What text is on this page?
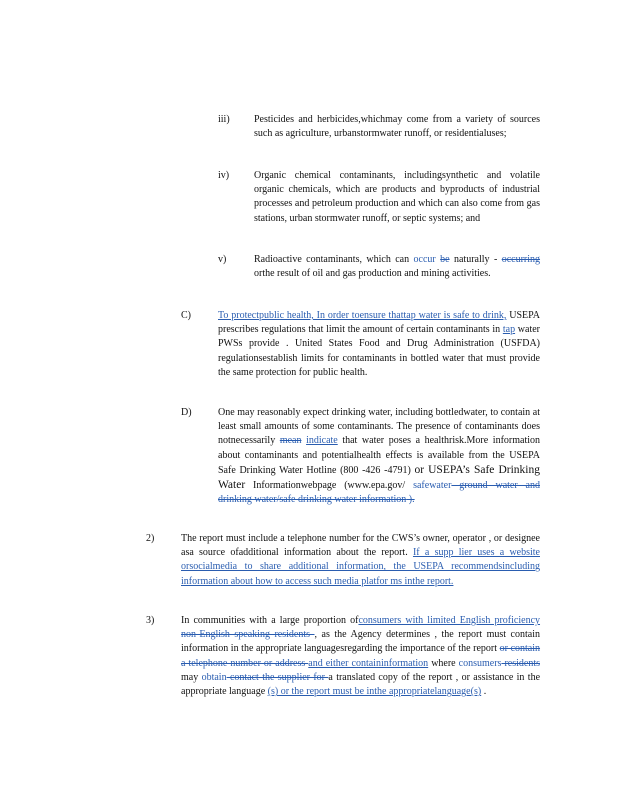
iii) Pesticides and herbicides,whichmay come from a variety of sources such as agriculture, urbanstormwater runoff, or residentialuses;
iv) Organic chemical contaminants, includingsynthetic and volatile organic chemicals, which are products and byproducts of industrial processes and petroleum production and which can also come from gas stations, urban stormwater runoff, or septic systems; and
v)	Radioactive contaminants, which can occur be naturally - occurring orthe result of oil and gas production and mining activities.
C)	To protectpublic health, In order toensure thattap water is safe to drink, USEPA prescribes regulations that limit the amount of certain contaminants in tap water PWSs provide . United States Food and Drug Administration (USFDA) regulationsestablish limits for contaminants in bottled water that must provide the same protection for public health.
D)	One may reasonably expect drinking water, including bottledwater, to contain at least small amounts of some contaminants. The presence of contaminants does notnecessarily mean indicate that water poses a healthrisk.More information about contaminants and potentialhealth effects is available from the USEPA Safe Drinking Water Hotline (800 -426 -4791) or USEPA’s Safe Drinking Water Informationwebpage (www.epa.gov/ safewater ground water and drinking water/safe drinking water information ).
2)	The report must include a telephone number for the CWS’s owner, operator , or designee asa source ofadditional information about the report. If a supp lier uses a website orsocialmedia to share additional information, the USEPA recommendsincluding information about how to access such media platfor ms inthe report.
3)	In communities with a large proportion ofconsumers with limited English proficiency non-English speaking residents , as the Agency determines , the report must contain information in the appropriate languagesregarding the importance of the report or contain a telephone number or address and either containinformation where consumers residents may obtain contact the supplier for a translated copy of the report , or assistance in the appropriate language (s) or the report must be inthe appropriatelanguage(s) .
